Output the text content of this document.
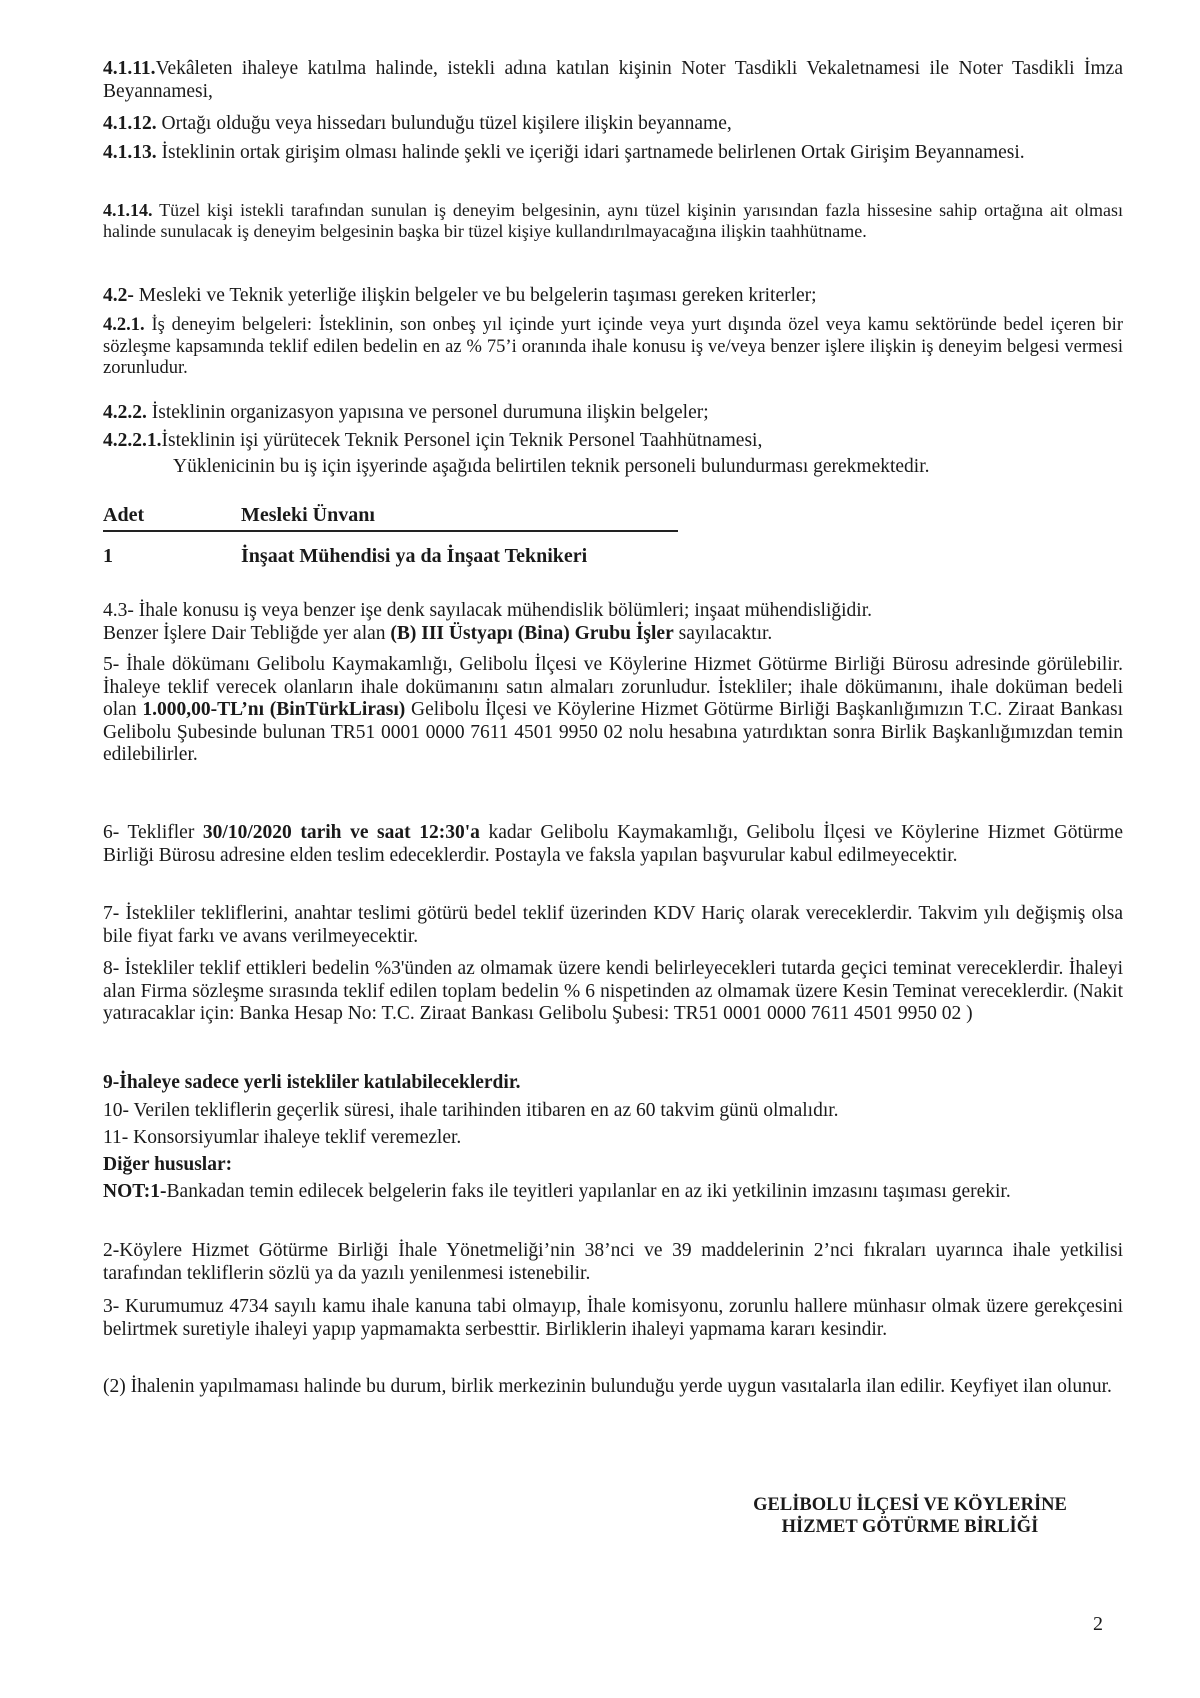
4.1.11.Vekâleten ihaleye katılma halinde, istekli adına katılan kişinin Noter Tasdikli Vekaletnamesi ile Noter Tasdikli İmza Beyannamesi,

4.1.12. Ortağı olduğu veya hissedarı bulunduğu tüzel kişilere ilişkin beyanname,

4.1.13. İsteklinin ortak girişim olması halinde şekli ve içeriği idari şartnamede belirlenen Ortak Girişim Beyannamesi.

4.1.14. Tüzel kişi istekli tarafından sunulan iş deneyim belgesinin, aynı tüzel kişinin yarısından fazla hissesine sahip ortağına ait olması halinde sunulacak iş deneyim belgesinin başka bir tüzel kişiye kullandırılmayacağına ilişkin taahhütname.

4.2- Mesleki ve Teknik yeterliğe ilişkin belgeler ve bu belgelerin taşıması gereken kriterler;

4.2.1. İş deneyim belgeleri: İsteklinin, son onbeş yıl içinde yurt içinde veya yurt dışında özel veya kamu sektöründe bedel içeren bir sözleşme kapsamında teklif edilen bedelin en az % 75’i oranında ihale konusu iş ve/veya benzer işlere ilişkin iş deneyim belgesi vermesi zorunludur.

4.2.2. İsteklinin organizasyon yapısına ve personel durumuna ilişkin belgeler;

4.2.2.1.İsteklinin işi yürütecek Teknik Personel için Teknik Personel Taahhütnamesi,

Yüklenicinin bu iş için işyerinde aşağıda belirtilen teknik personeli bulundurması gerekmektedir.

Adet	Mesleki Ünvanı
1	İnşaat Mühendisi ya da İnşaat Teknikeri

4.3- İhale konusu iş veya benzer işe denk sayılacak mühendislik bölümleri; inşaat mühendisliğidir.
Benzer İşlere Dair Tebliğde yer alan (B) III Üstyapı (Bina) Grubu İşler sayılacaktır.

5- İhale dökümanı Gelibolu Kaymakamlığı, Gelibolu İlçesi ve Köylerine Hizmet Götürme Birliği Bürosu adresinde görülebilir. İhaleye teklif verecek olanların ihale dokümanını satın almaları zorunludur. İstekliler; ihale dökümanını, ihale doküman bedeli olan 1.000,00-TL’nı (BinTürkLirası) Gelibolu İlçesi ve Köylerine Hizmet Götürme Birliği Başkanlığımızın T.C. Ziraat Bankası Gelibolu Şubesinde bulunan TR51 0001 0000 7611 4501 9950 02 nolu hesabına yatırdıktan sonra Birlik Başkanlığımızdan temin edilebilirler.

6- Teklifler 30/10/2020 tarih ve saat 12:30'a kadar Gelibolu Kaymakamlığı, Gelibolu İlçesi ve Köylerine Hizmet Götürme Birliği Bürosu adresine elden teslim edeceklerdir. Postayla ve faksla yapılan başvurular kabul edilmeyecektir.

7- İstekliler tekliflerini, anahtar teslimi götürü bedel teklif üzerinden KDV Hariç olarak vereceklerdir. Takvim yılı değişmiş olsa bile fiyat farkı ve avans verilmeyecektir.

8- İstekliler teklif ettikleri bedelin %3'ünden az olmamak üzere kendi belirleyecekleri tutarda geçici teminat vereceklerdir. İhaleyi alan Firma sözleşme sırasında teklif edilen toplam bedelin % 6 nispetinden az olmamak üzere Kesin Teminat vereceklerdir. (Nakit yatıracaklar için: Banka Hesap No: T.C. Ziraat Bankası Gelibolu Şubesi: TR51 0001 0000 7611 4501 9950 02 )

9-İhaleye sadece yerli istekliler katılabileceklerdir.

10- Verilen tekliflerin geçerlik süresi, ihale tarihinden itibaren en az 60 takvim günü olmalıdır.

11- Konsorsiyumlar ihaleye teklif veremezler.

Diğer hususlar:

NOT:1-Bankadan temin edilecek belgelerin faks ile teyitleri yapılanlar en az iki yetkilinin imzasını taşıması gerekir.

2-Köylere Hizmet Götürme Birliği İhale Yönetmeliği’nin 38’nci ve 39 maddelerinin 2’nci fıkraları uyarınca ihale yetkilisi tarafından tekliflerin sözlü ya da yazılı yenilenmesi istenebilir.

3- Kurumumuz 4734 sayılı kamu ihale kanuna tabi olmayıp, İhale komisyonu, zorunlu hallere münhasır olmak üzere gerekçesini belirtmek suretiyle ihaleyi yapıp yapmamakta serbesttir. Birliklerin ihaleyi yapmama kararı kesindir.

(2) İhalenin yapılmaması halinde bu durum, birlik merkezinin bulunduğu yerde uygun vasıtalarla ilan edilir. Keyfiyet ilan olunur.

GELİBOLU İLÇESİ VE KÖYLERİNE
HİZMET GÖTÜRME BİRLİĞİ
2
